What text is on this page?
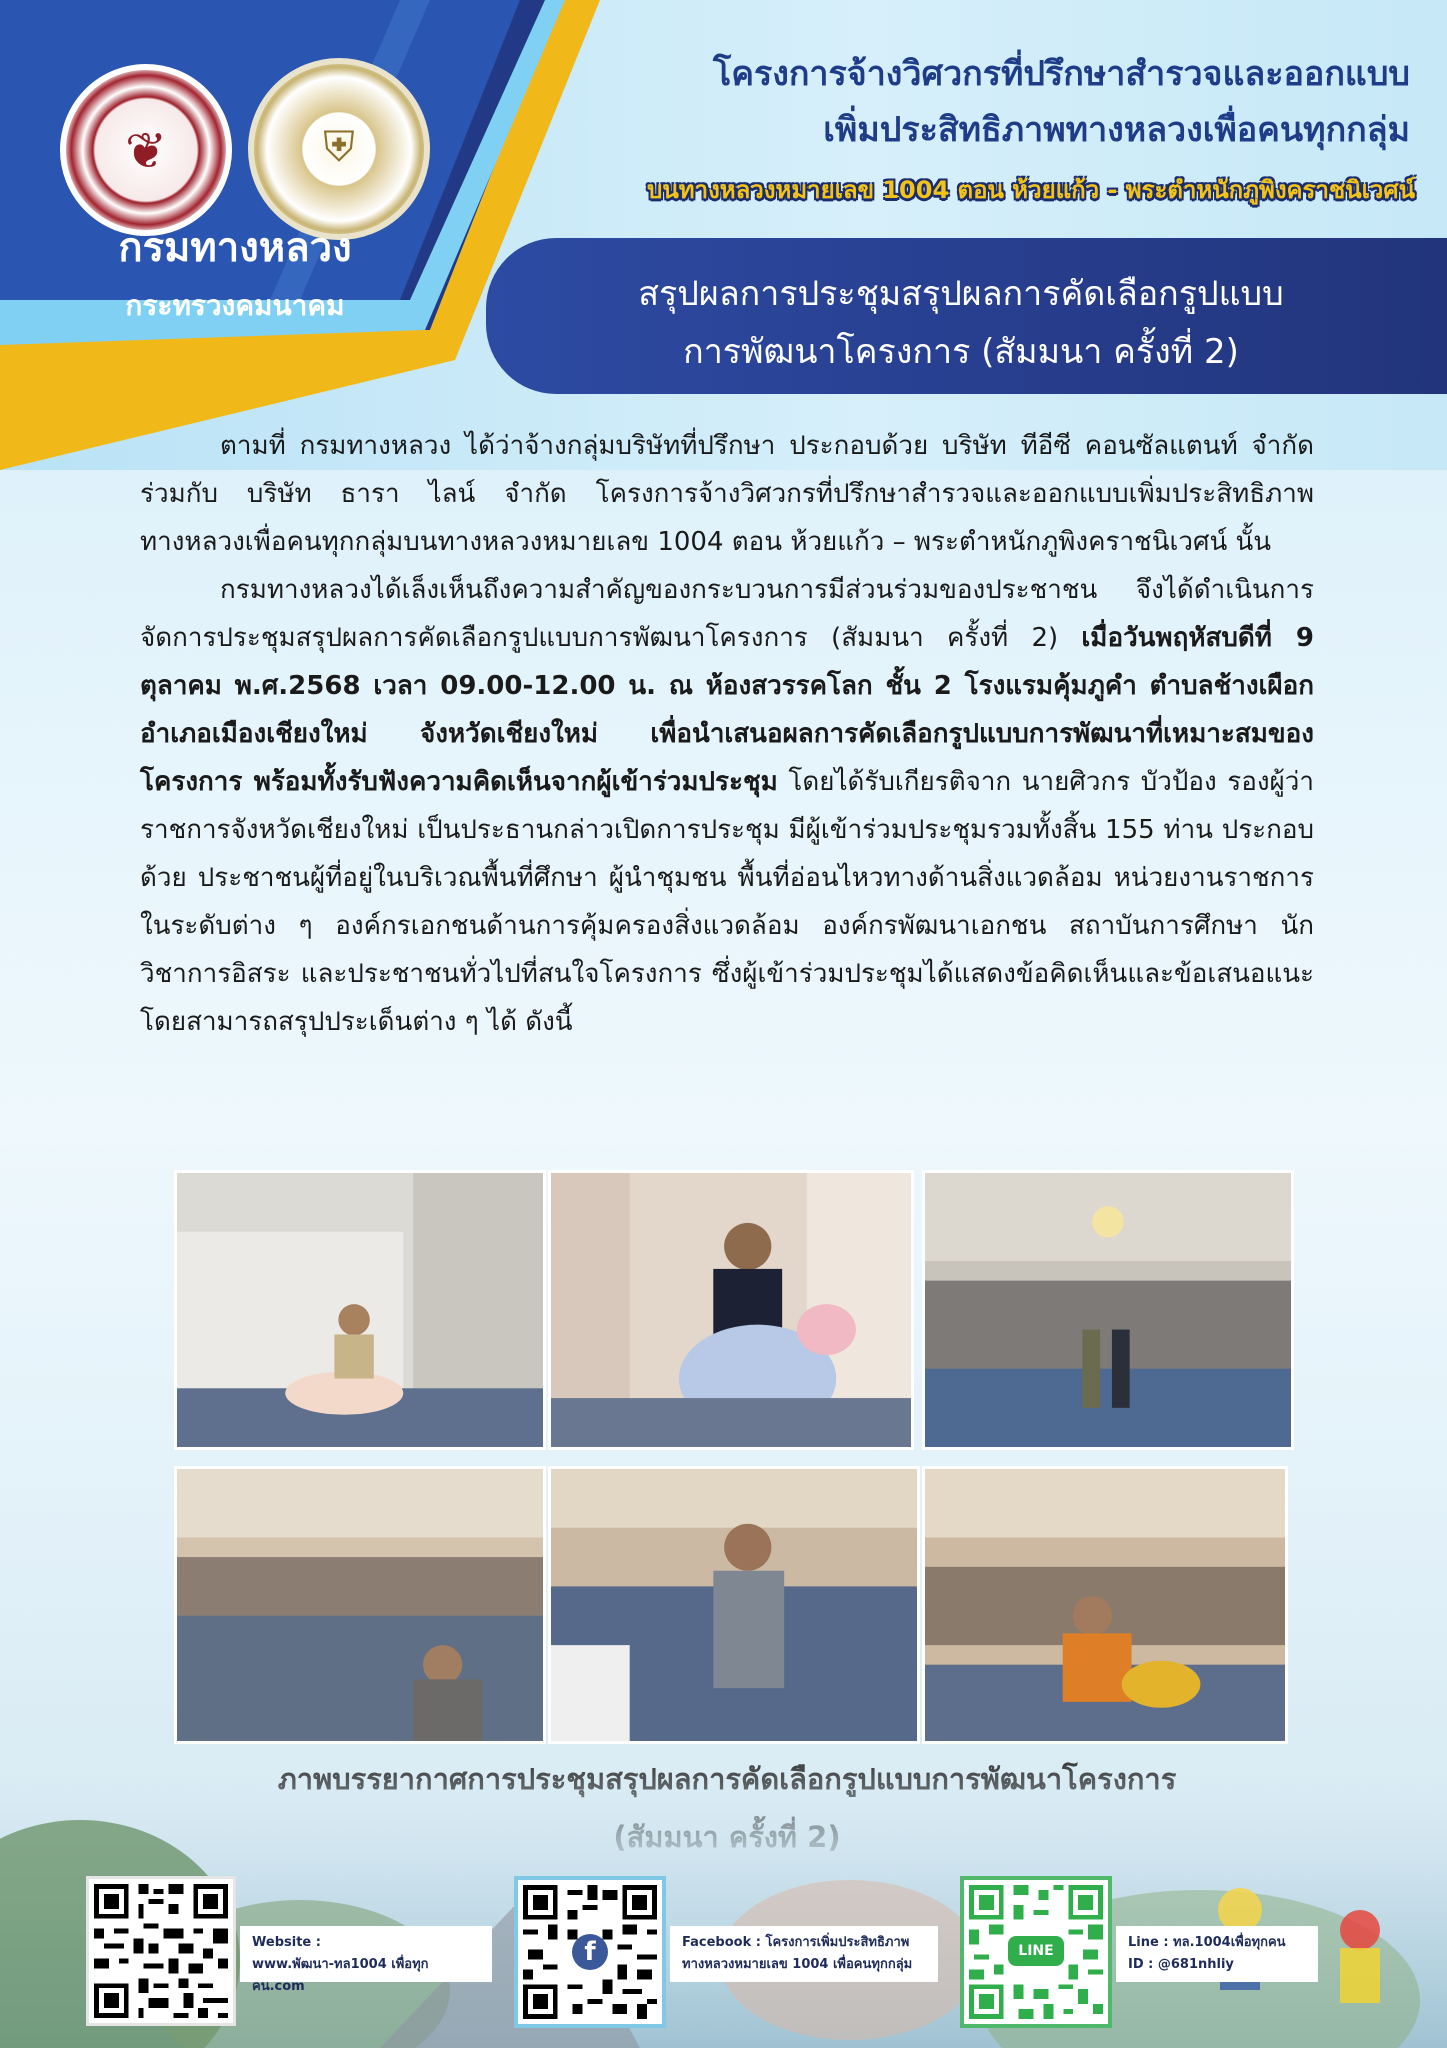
❦	⛨
กรมทางหลวง
กระทรวงคมนาคม
โครงการจ้างวิศวกรที่ปรึกษาสำรวจและออกแบบ
เพิ่มประสิทธิภาพทางหลวงเพื่อคนทุกกลุ่ม
บนทางหลวงหมายเลข 1004 ตอน ห้วยแก้ว - พระตำหนักภูพิงคราชนิเวศน์
สรุปผลการประชุมสรุปผลการคัดเลือกรูปแบบ
การพัฒนาโครงการ (สัมมนา ครั้งที่ 2)

ตามที่ กรมทางหลวง ได้ว่าจ้างกลุ่มบริษัทที่ปรึกษา ประกอบด้วย บริษัท ทีอีซี คอนซัลแตนท์ จำกัด ร่วมกับ บริษัท ธารา ไลน์ จำกัด โครงการจ้างวิศวกรที่ปรึกษาสำรวจและออกแบบเพิ่มประสิทธิภาพทางหลวงเพื่อคนทุกกลุ่มบนทางหลวงหมายเลข 1004 ตอน ห้วยแก้ว – พระตำหนักภูพิงคราชนิเวศน์ นั้น

กรมทางหลวงได้เล็งเห็นถึงความสำคัญของกระบวนการมีส่วนร่วมของประชาชน จึงได้ดำเนินการจัดการประชุมสรุปผลการคัดเลือกรูปแบบการพัฒนาโครงการ (สัมมนา ครั้งที่ 2) เมื่อวันพฤหัสบดีที่ 9 ตุลาคม พ.ศ.2568 เวลา 09.00-12.00 น. ณ ห้องสวรรคโลก ชั้น 2 โรงแรมคุ้มภูคำ ตำบลช้างเผือก อำเภอเมืองเชียงใหม่ จังหวัดเชียงใหม่ เพื่อนำเสนอผลการคัดเลือกรูปแบบการพัฒนาที่เหมาะสมของโครงการ พร้อมทั้งรับฟังความคิดเห็นจากผู้เข้าร่วมประชุม โดยได้รับเกียรติจาก นายศิวกร บัวป้อง รองผู้ว่าราชการจังหวัดเชียงใหม่ เป็นประธานกล่าวเปิดการประชุม มีผู้เข้าร่วมประชุมรวมทั้งสิ้น 155 ท่าน ประกอบด้วย ประชาชนผู้ที่อยู่ในบริเวณพื้นที่ศึกษา ผู้นำชุมชน พื้นที่อ่อนไหวทางด้านสิ่งแวดล้อม หน่วยงานราชการในระดับต่าง ๆ องค์กรเอกชนด้านการคุ้มครองสิ่งแวดล้อม องค์กรพัฒนาเอกชน สถาบันการศึกษา นักวิชาการอิสระ และประชาชนทั่วไปที่สนใจโครงการ ซึ่งผู้เข้าร่วมประชุมได้แสดงข้อคิดเห็นและข้อเสนอแนะ โดยสามารถสรุปประเด็นต่าง ๆ ได้ ดังนี้

Website :
www.พัฒนา-ทล1004 เพื่อทุกคน.com
f	Facebook : โครงการเพิ่มประสิทธิภาพ
ทางหลวงหมายเลข 1004 เพื่อคนทุกกลุ่ม
LINE
Line : ทล.1004เพื่อทุกคน
ID : @681nhliy
